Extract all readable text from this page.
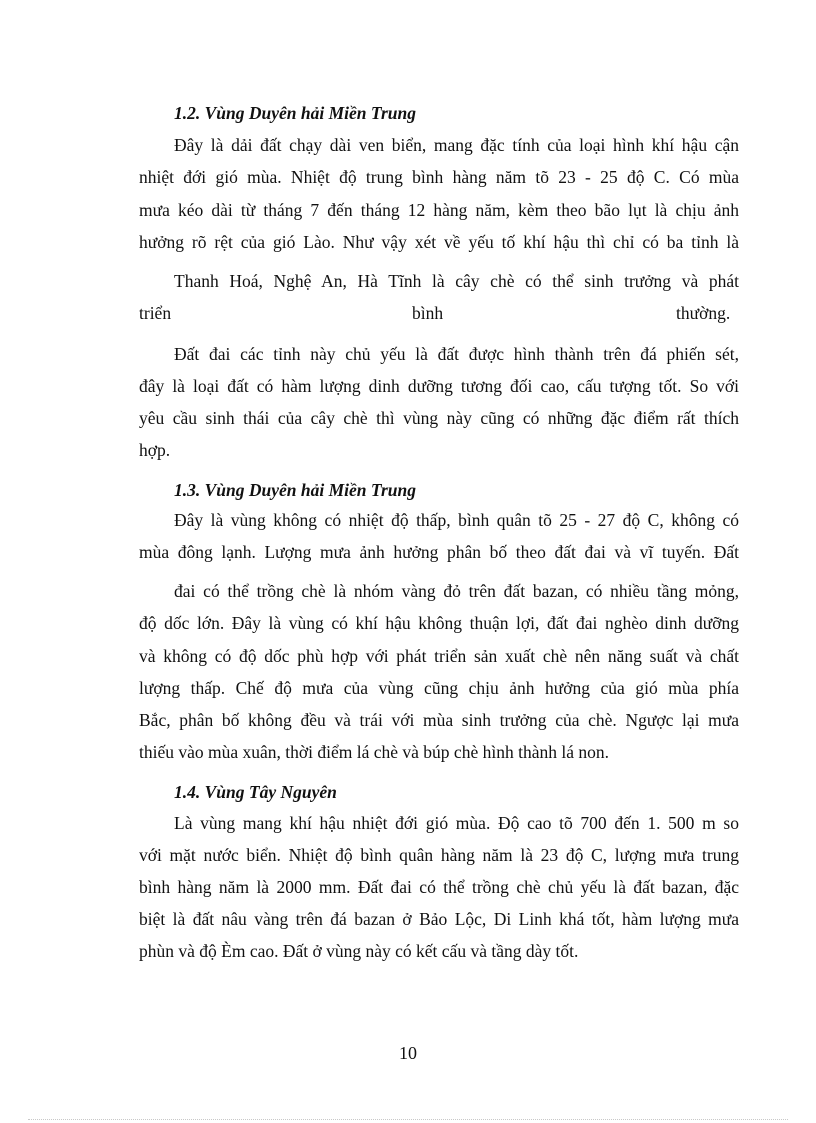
1.2. Vùng Duyên hải Miền Trung
Đây là dải đất chạy dài ven biển, mang đặc tính của loại hình khí hậu cận
nhiệt đới gió mùa. Nhiệt độ trung bình hàng năm tõ 23 - 25 độ C. Có mùa
mưa kéo dài từ tháng 7 đến tháng 12 hàng năm, kèm theo bão lụt là chịu ảnh
hưởng rõ rệt của gió Lào. Như vậy xét về yếu tố khí hậu thì chỉ có ba tỉnh là
Thanh Hoá, Nghệ An, Hà Tĩnh là cây chè có thể sinh trưởng và phát
triển	bình	thường.
Đất đai các tỉnh này chủ yếu là đất được hình thành trên đá phiến sét,
đây là loại đất có hàm lượng dinh dưỡng tương đối cao, cấu tượng tốt. So với
yêu cầu sinh thái của cây chè thì vùng này cũng có những đặc điểm rất thích
hợp.
1.3. Vùng Duyên hải Miền Trung
Đây là vùng không có nhiệt độ thấp, bình quân tõ 25 - 27 độ C, không có
mùa đông lạnh. Lượng mưa ảnh hưởng phân bố theo đất đai và vĩ tuyến. Đất
đai có thể trồng chè là nhóm vàng đỏ trên đất bazan, có nhiều tầng mỏng,
độ dốc lớn. Đây là vùng có khí hậu không thuận lợi, đất đai nghèo dinh dưỡng
và không có độ dốc phù hợp với phát triển sản xuất chè nên năng suất và chất
lượng thấp. Chế độ mưa của vùng cũng chịu ảnh hưởng của gió mùa phía
Bắc, phân bố không đều và trái với mùa sinh trưởng của chè. Ngược lại mưa
thiếu vào mùa xuân, thời điểm lá chè và búp chè hình thành lá non.
1.4. Vùng Tây Nguyên
Là vùng mang khí hậu nhiệt đới gió mùa. Độ cao tõ 700 đến 1. 500 m so
với mặt nước biển. Nhiệt độ bình quân hàng năm là 23 độ C, lượng mưa trung
bình hàng năm là 2000 mm. Đất đai có thể trồng chè chủ yếu là đất bazan, đặc
biệt là đất nâu vàng trên đá bazan ở Bảo Lộc, Di Linh khá tốt, hàm lượng mưa
phùn và độ Èm cao. Đất ở vùng này có kết cấu và tầng dày tốt.
10
